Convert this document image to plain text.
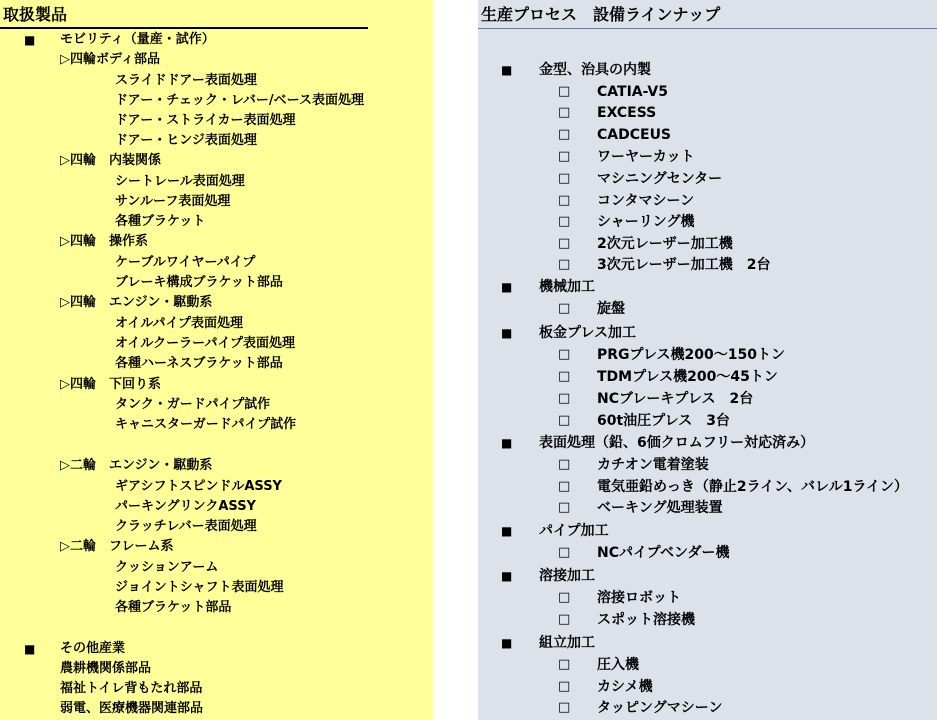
取扱製品
■ モビリティ（量産・試作）
▷四輪ボディ部品
スライドドアー表面処理
ドアー・チェック・レバー/ベース表面処理
ドアー・ストライカー表面処理
ドアー・ヒンジ表面処理
▷四輪　内装関係
シートレール表面処理
サンルーフ表面処理
各種ブラケット
▷四輪　操作系
ケーブルワイヤーパイプ
ブレーキ構成ブラケット部品
▷四輪　エンジン・駆動系
オイルパイプ表面処理
オイルクーラーパイプ表面処理
各種ハーネスブラケット部品
▷四輪　下回り系
タンク・ガードパイプ試作
キャニスターガードパイプ試作
▷二輪　エンジン・駆動系
ギアシフトスピンドルASSY
パーキングリンクASSY
クラッチレバー表面処理
▷二輪　フレーム系
クッションアーム
ジョイントシャフト表面処理
各種ブラケット部品
■ その他産業
農耕機関係部品
福祉トイレ背もたれ部品
弱電、医療機器関連部品
生産プロセス　設備ラインナップ
■ 金型、治具の内製
□ CATIA-V5
□ EXCESS
□ CADCEUS
□ ワーヤーカット
□ マシニングセンター
□ コンタマシーン
□ シャーリング機
□ 2次元レーザー加工機
□ 3次元レーザー加工機　2台
■ 機械加工
□ 旋盤
■ 板金プレス加工
□ PRGプレス機200～150トン
□ TDMプレス機200～45トン
□ NCブレーキプレス　2台
□ 60t油圧プレス　3台
■ 表面処理（鉛、6価クロムフリー対応済み）
□ カチオン電着塗装
□ 電気亜鉛めっき（静止2ライン、バレル1ライン）
□ ベーキング処理装置
■ パイプ加工
□ NCパイプベンダー機
■ 溶接加工
□ 溶接ロボット
□ スポット溶接機
■ 組立加工
□ 圧入機
□ カシメ機
□ タッピングマシーン
